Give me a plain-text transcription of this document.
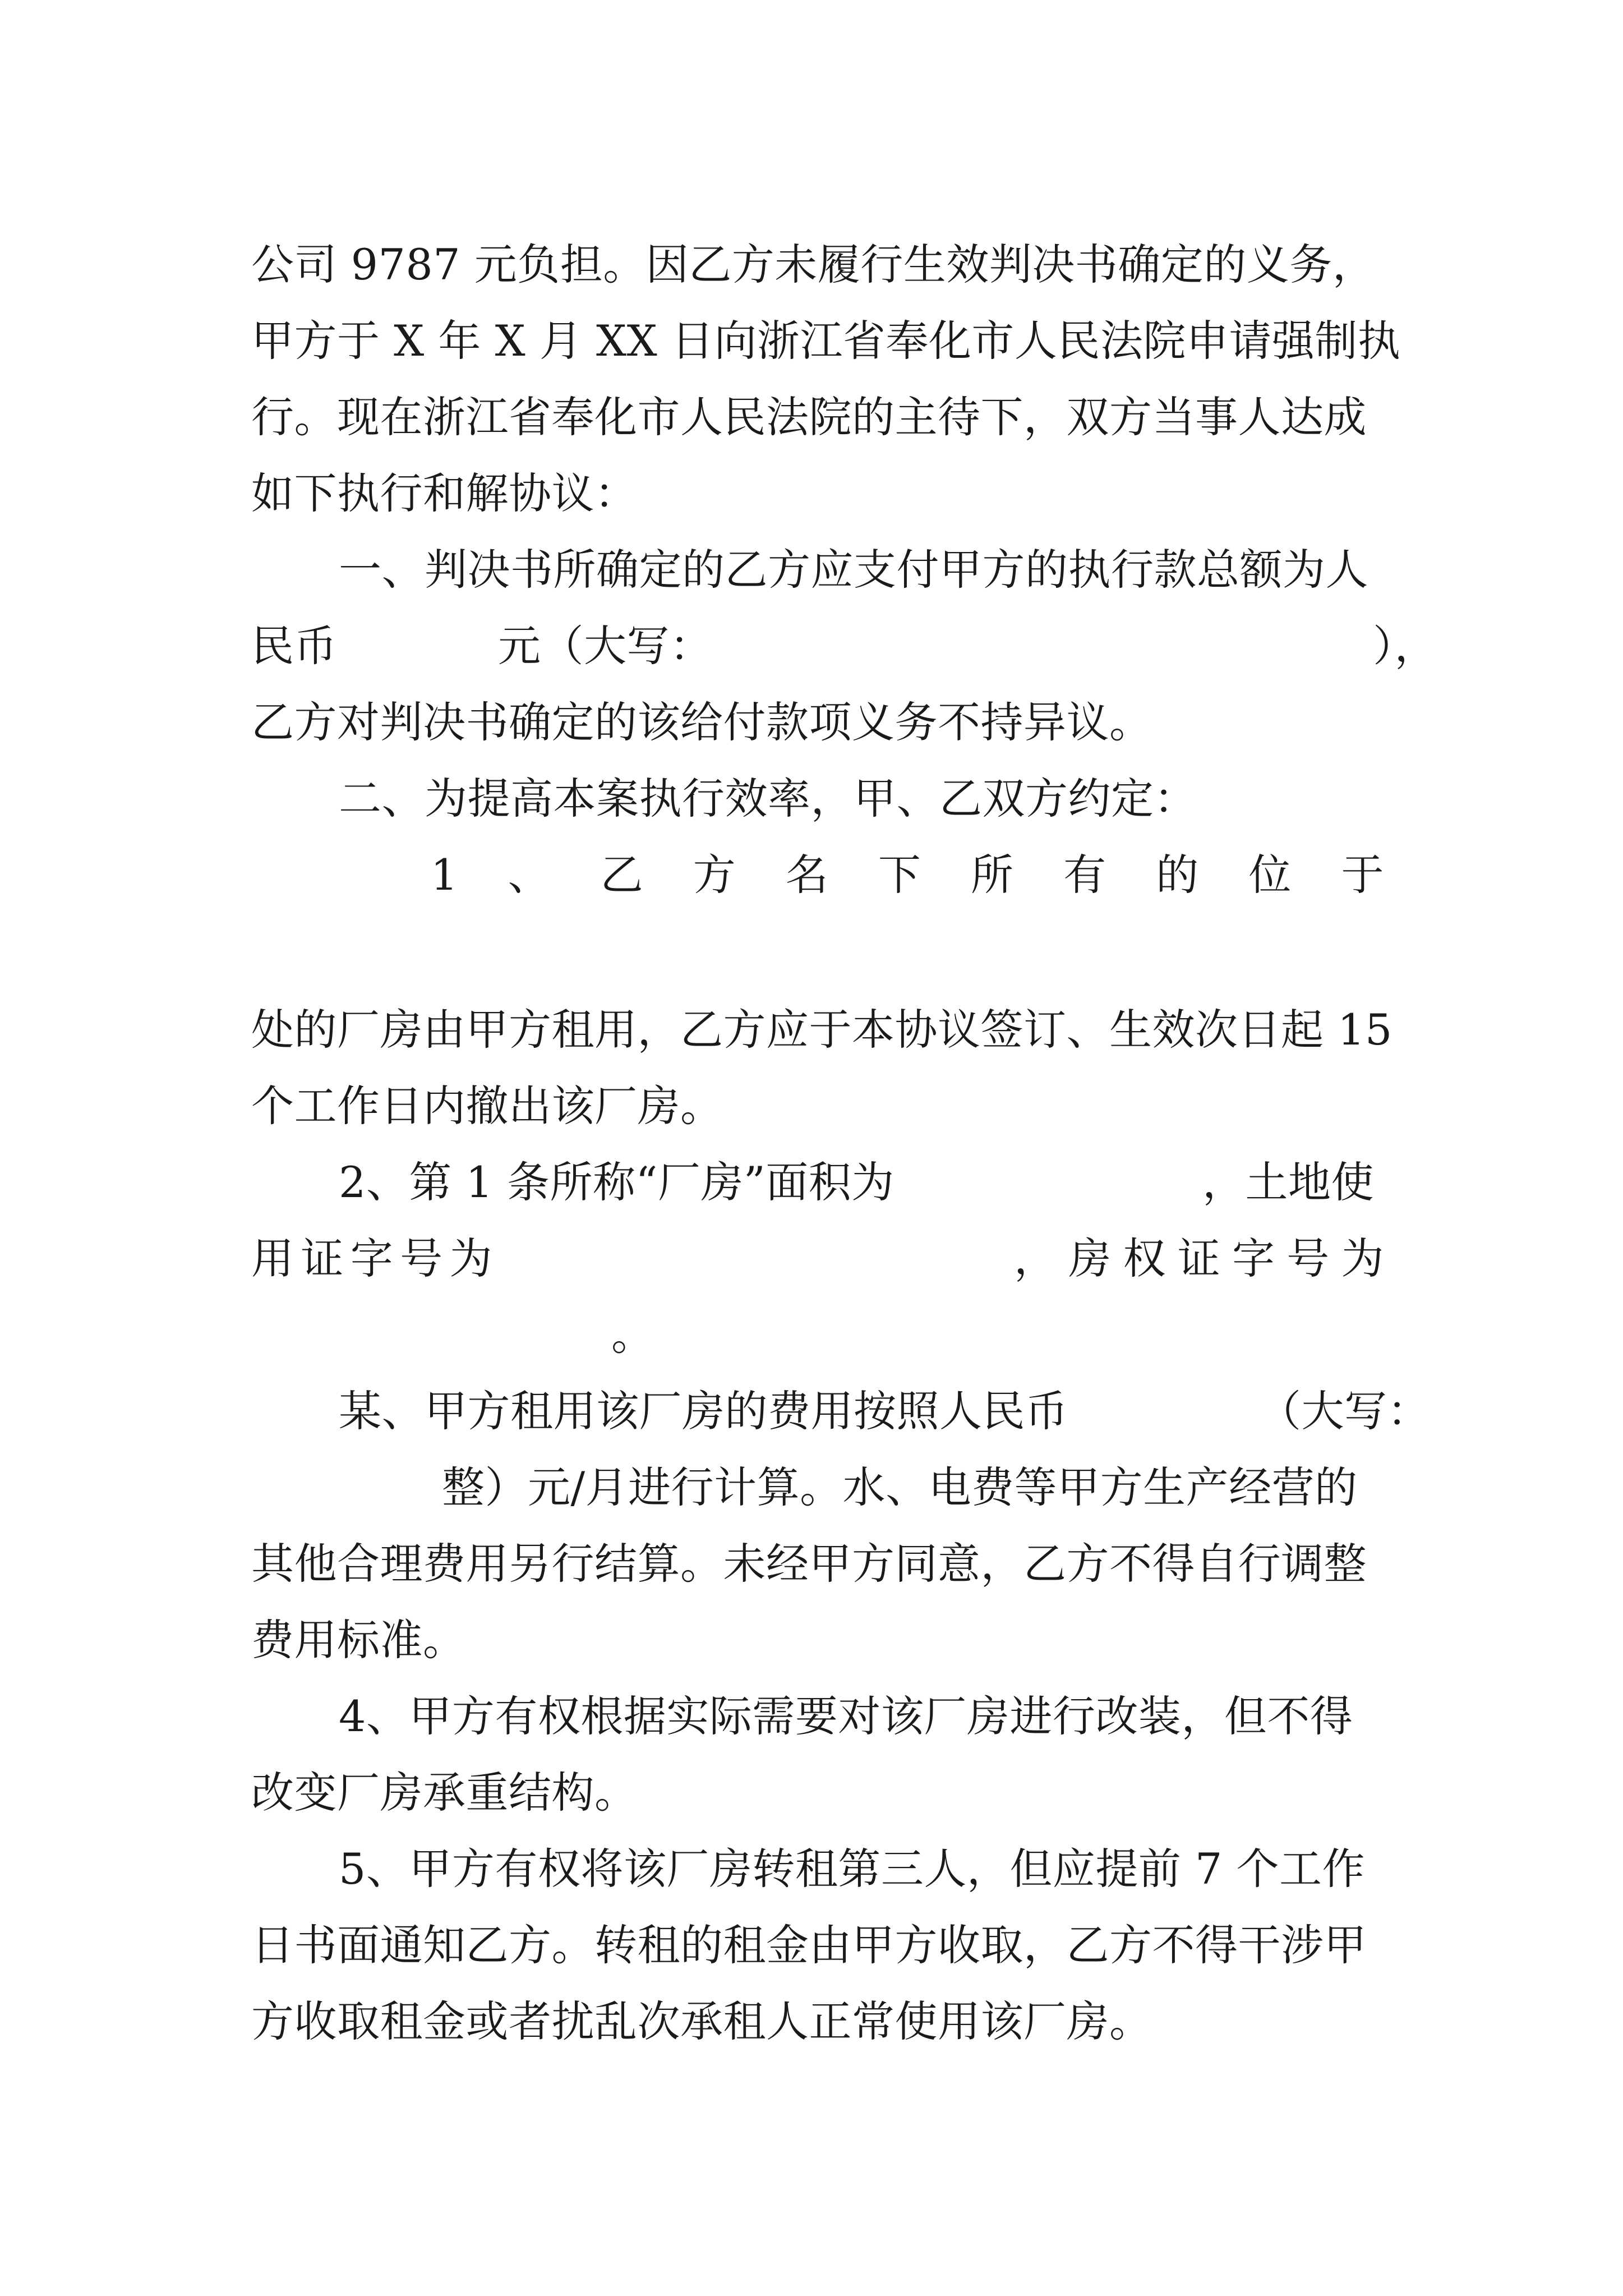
公司 9787 元负担。因乙方未履行生效判决书确定的义务，
甲方于 X 年 X 月 XX 日向浙江省奉化市人民法院申请强制执
行。现在浙江省奉化市人民法院的主待下，双方当事人达成
如下执行和解协议：
一、判决书所确定的乙方应支付甲方的执行款总额为人
民币	元（大写：	），
乙方对判决书确定的该给付款项义务不持异议。
二、为提高本案执行效率，甲、乙双方约定：
1 、 乙 方 名 下 所 有 的 位 于
处的厂房由甲方租用，乙方应于本协议签订、生效次日起 15
个工作日内撤出该厂房。
2、第 1 条所称“厂房”面积为	，土地使
用 证 字 号 为	， 房 权 证 字 号 为
。
某、甲方租用该厂房的费用按照人民币	（大写：
整）元/月进行计算。水、电费等甲方生产经营的
其他合理费用另行结算。未经甲方同意，乙方不得自行调整
费用标准。
4、甲方有权根据实际需要对该厂房进行改装，但不得
改变厂房承重结构。
5、甲方有权将该厂房转租第三人，但应提前 7 个工作
日书面通知乙方。转租的租金由甲方收取，乙方不得干涉甲
方收取租金或者扰乱次承租人正常使用该厂房。
